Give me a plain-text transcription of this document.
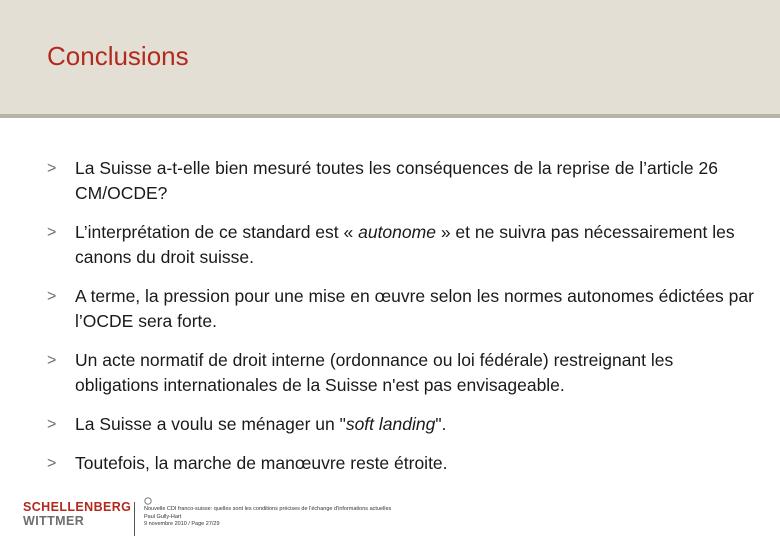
Conclusions
> La Suisse a-t-elle bien mesuré toutes les conséquences de la reprise de l’article 26 CM/OCDE?
> L’interprétation de ce standard est « autonome » et ne suivra pas nécessairement les canons du droit suisse.
> A terme, la pression pour une mise en œuvre selon les normes autonomes édictées par l’OCDE sera forte.
> Un acte normatif de droit interne (ordonnance ou loi fédérale) restreignant les obligations internationales de la Suisse n'est pas envisageable.
> La Suisse a voulu se ménager un "soft landing".
> Toutefois, la marche de manœuvre reste étroite.
SCHELLENBERG
WITTMER
Nouvelle CDI franco-suisse: quelles sont les conditions précises de l'échange d'informations actuelles
Paul Gully-Hart
9 novembre 2010 / Page 27/29
